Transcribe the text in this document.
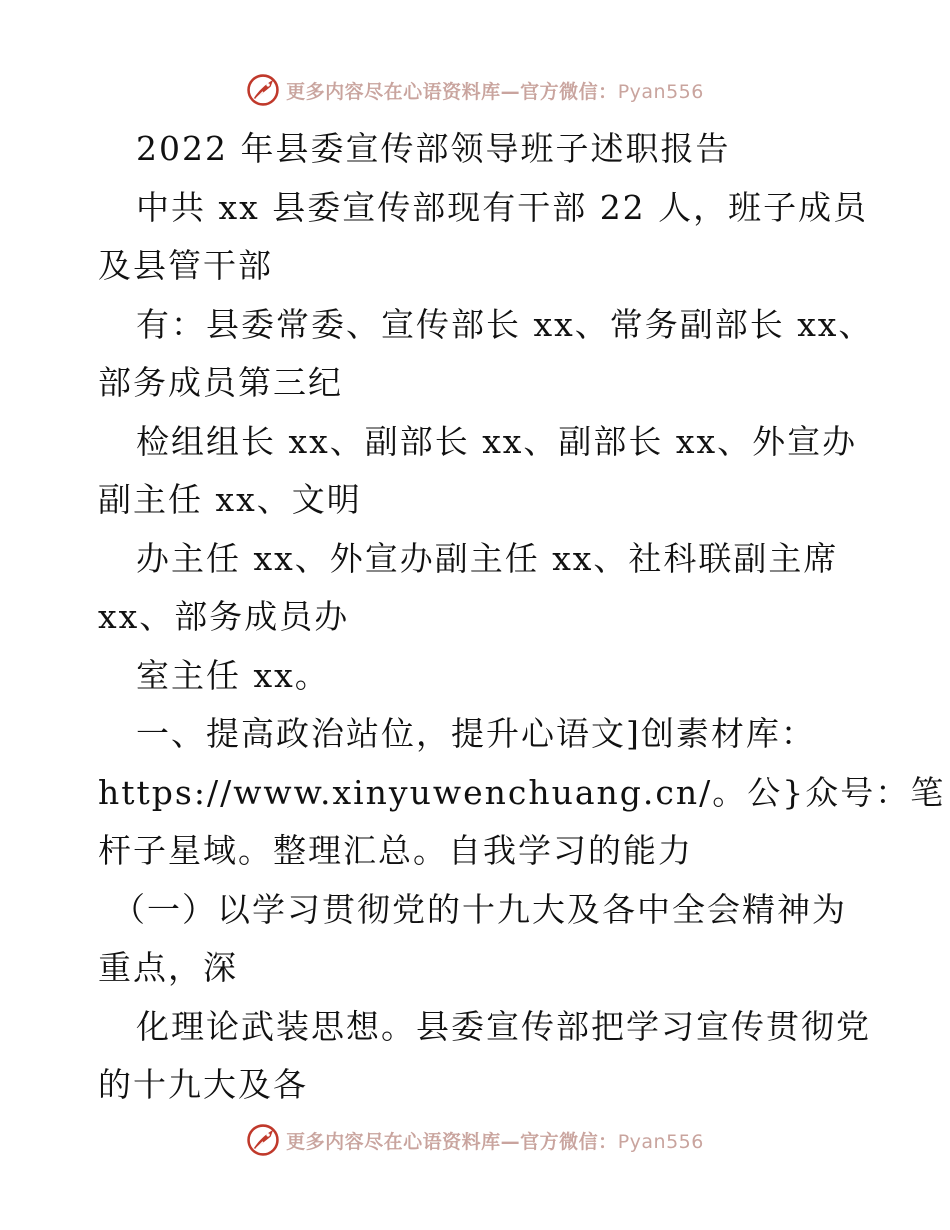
更多内容尽在心语资料库—官方微信：Pyan556
2022 年县委宣传部领导班子述职报告
中共 xx 县委宣传部现有干部 22 人，班子成员
及县管干部
有：县委常委、宣传部长 xx、常务副部长 xx、
部务成员第三纪
检组组长 xx、副部长 xx、副部长 xx、外宣办
副主任 xx、文明
办主任 xx、外宣办副主任 xx、社科联副主席
xx、部务成员办
室主任 xx。
一、提高政治站位，提升心语文]创素材库：
https://www.xinyuwenchuang.cn/。公}众号：笔
杆子星域。整理汇总。自我学习的能力
（一）以学习贯彻党的十九大及各中全会精神为
重点，深
化理论武装思想。县委宣传部把学习宣传贯彻党
的十九大及各
更多内容尽在心语资料库—官方微信：Pyan556
